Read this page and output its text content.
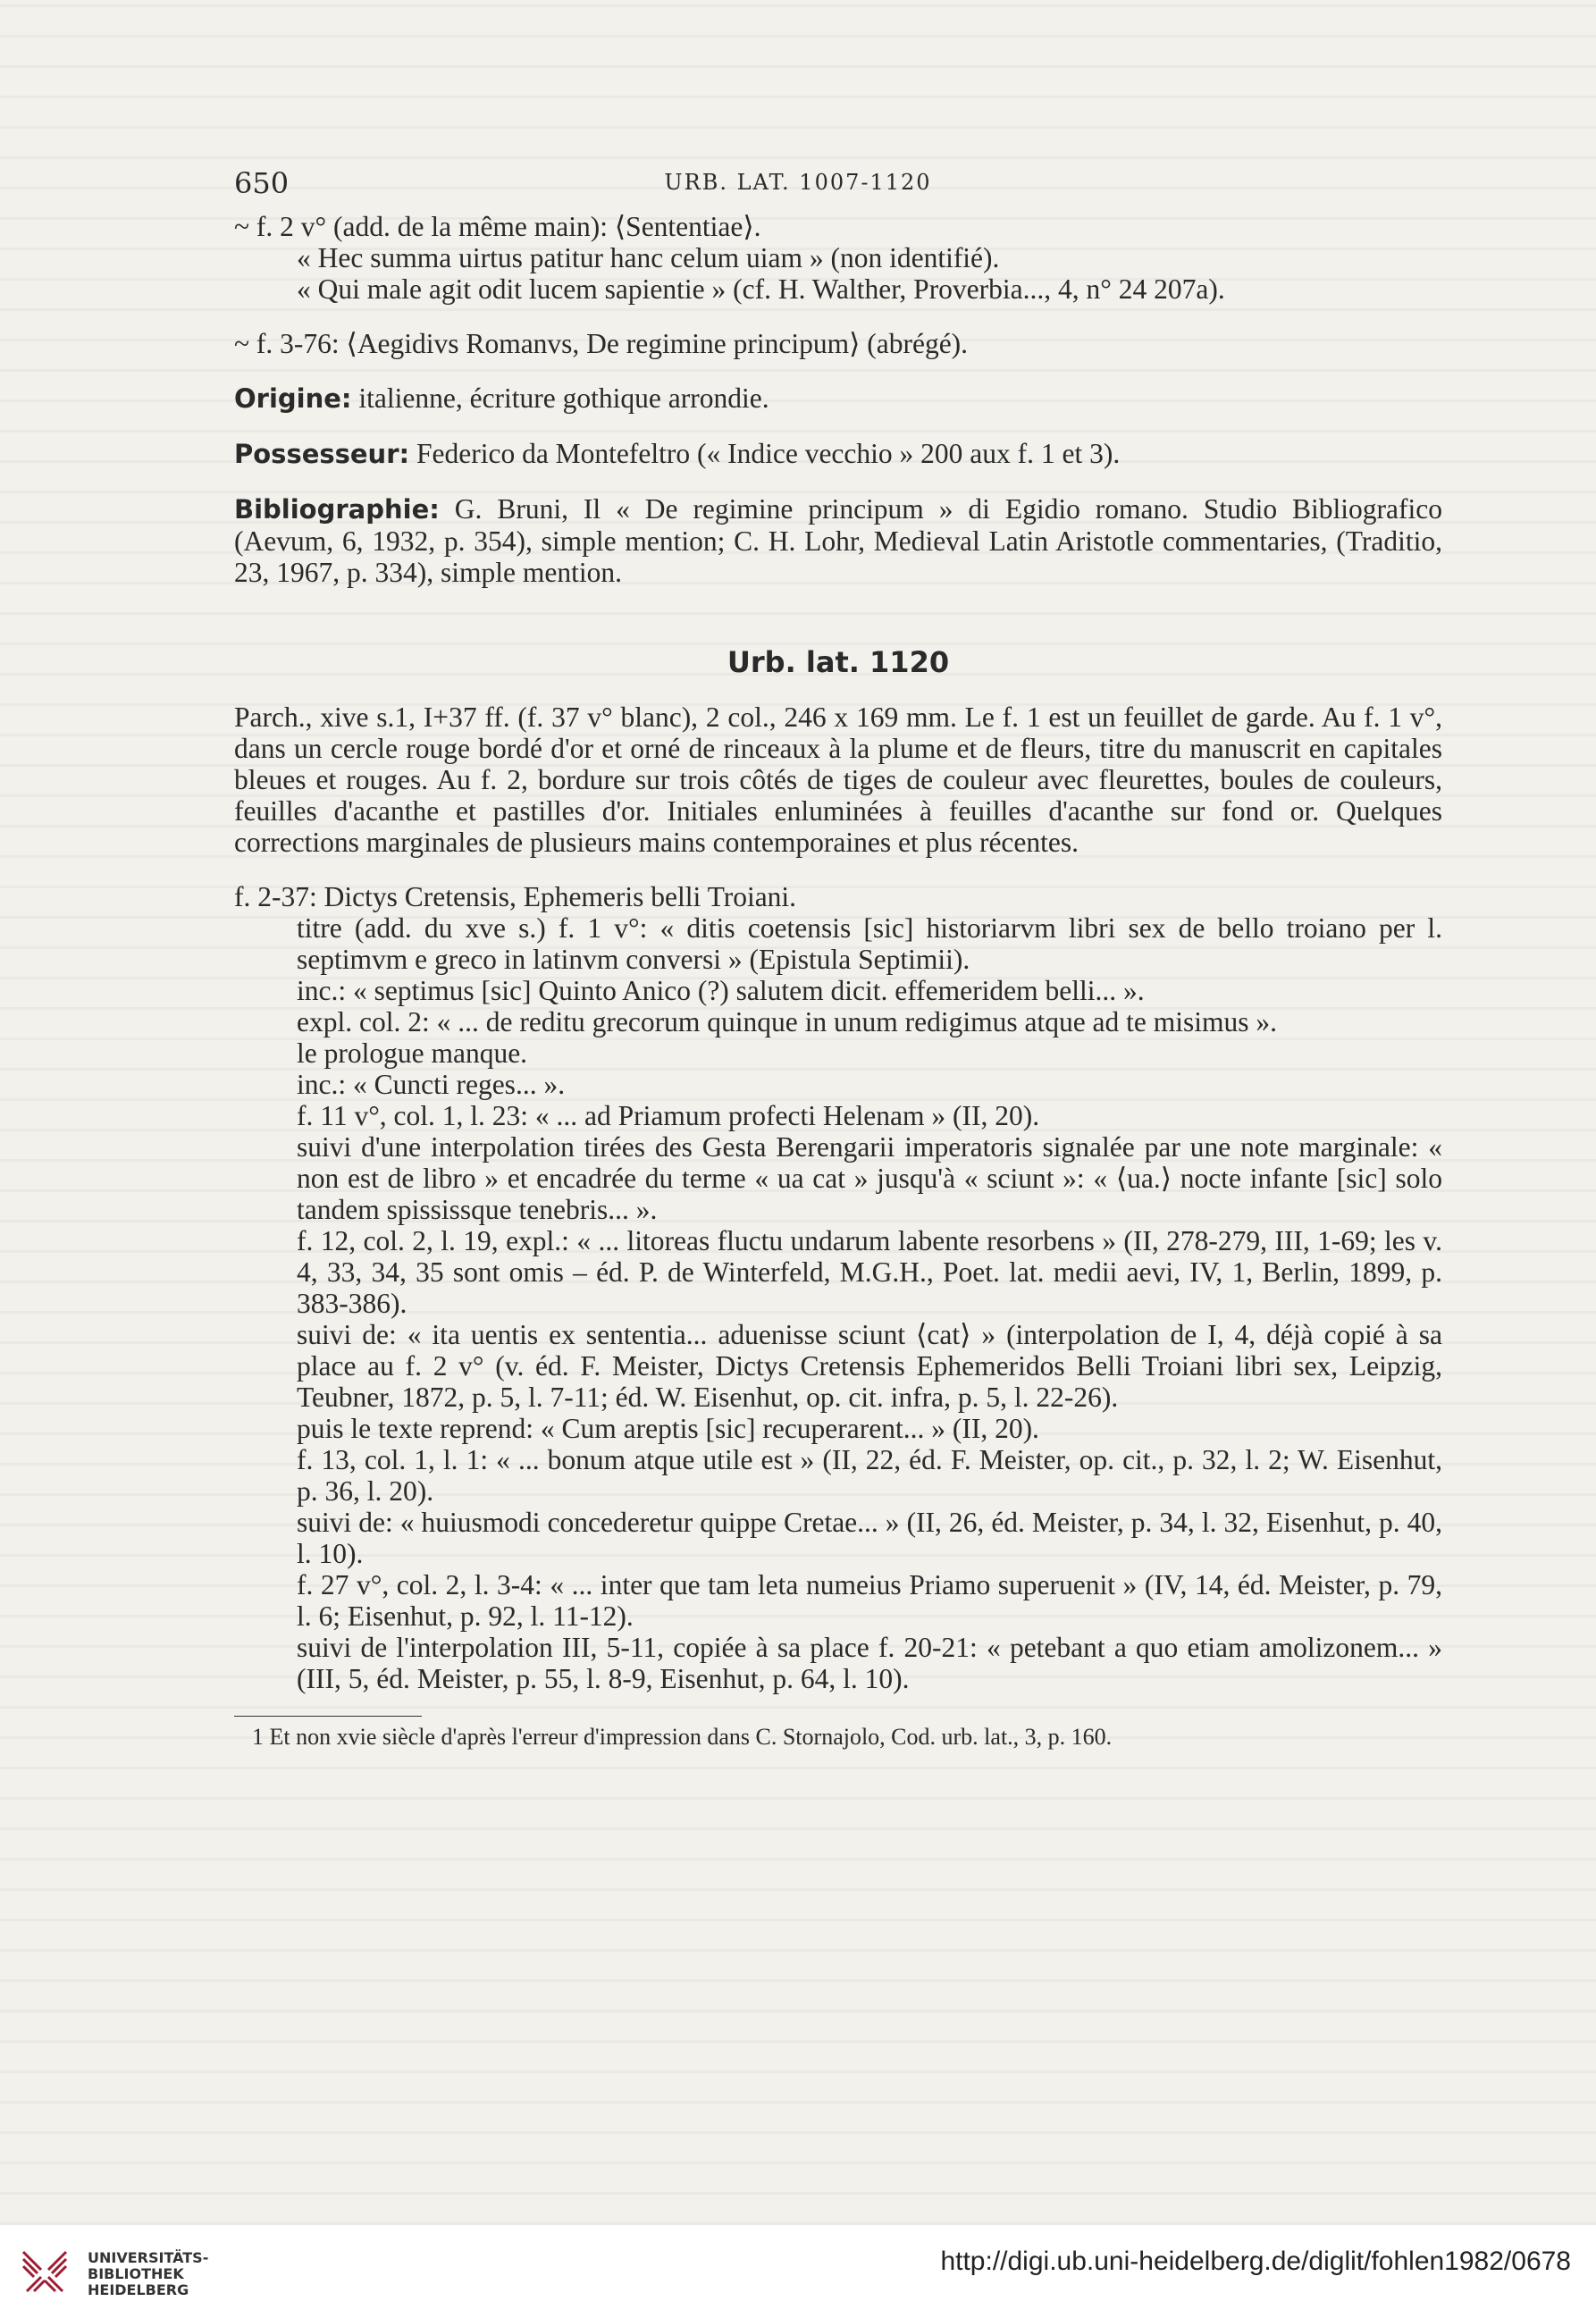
650	URB. LAT. 1007-1120

~ f. 2 v° (add. de la même main): ⟨Sententiae⟩.

« Hec summa uirtus patitur hanc celum uiam » (non identifié).

« Qui male agit odit lucem sapientie » (cf. H. Walther, Proverbia..., 4, n° 24 207a).

~ f. 3-76: ⟨Aegidivs Romanvs, De regimine principum⟩ (abrégé).

Origine: italienne, écriture gothique arrondie.

Possesseur: Federico da Montefeltro (« Indice vecchio » 200 aux f. 1 et 3).

Bibliographie: G. Bruni, Il « De regimine principum » di Egidio romano. Studio Bibliografico (Aevum, 6, 1932, p. 354), simple mention; C. H. Lohr, Medieval Latin Aristotle commentaries, (Traditio, 23, 1967, p. 334), simple mention.

Urb. lat. 1120

Parch., xive s.1, I+37 ff. (f. 37 v° blanc), 2 col., 246 x 169 mm. Le f. 1 est un feuillet de garde. Au f. 1 v°, dans un cercle rouge bordé d'or et orné de rinceaux à la plume et de fleurs, titre du manuscrit en capitales bleues et rouges. Au f. 2, bordure sur trois côtés de tiges de couleur avec fleurettes, boules de couleurs, feuilles d'acanthe et pastilles d'or. Initiales enluminées à feuilles d'acanthe sur fond or. Quelques corrections marginales de plusieurs mains contemporaines et plus récentes.

f. 2-37: Dictys Cretensis, Ephemeris belli Troiani.

titre (add. du xve s.) f. 1 v°: « ditis coetensis [sic] historiarvm libri sex de bello troiano per l. septimvm e greco in latinvm conversi » (Epistula Septimii).

inc.: « septimus [sic] Quinto Anico (?) salutem dicit. effemeridem belli... ».

expl. col. 2: « ... de reditu grecorum quinque in unum redigimus atque ad te misimus ».

le prologue manque.

inc.: « Cuncti reges... ».

f. 11 v°, col. 1, l. 23: « ... ad Priamum profecti Helenam » (II, 20).

suivi d'une interpolation tirées des Gesta Berengarii imperatoris signalée par une note marginale: « non est de libro » et encadrée du terme « ua cat » jusqu'à « sciunt »: « ⟨ua.⟩ nocte infante [sic] solo tandem spississque tenebris... ».

f. 12, col. 2, l. 19, expl.: « ... litoreas fluctu undarum labente resorbens » (II, 278-279, III, 1-69; les v. 4, 33, 34, 35 sont omis – éd. P. de Winterfeld, M.G.H., Poet. lat. medii aevi, IV, 1, Berlin, 1899, p. 383-386).

suivi de: « ita uentis ex sententia... aduenisse sciunt ⟨cat⟩ » (interpolation de I, 4, déjà copié à sa place au f. 2 v° (v. éd. F. Meister, Dictys Cretensis Ephemeridos Belli Troiani libri sex, Leipzig, Teubner, 1872, p. 5, l. 7-11; éd. W. Eisenhut, op. cit. infra, p. 5, l. 22-26).

puis le texte reprend: « Cum areptis [sic] recuperarent... » (II, 20).

f. 13, col. 1, l. 1: « ... bonum atque utile est » (II, 22, éd. F. Meister, op. cit., p. 32, l. 2; W. Eisenhut, p. 36, l. 20).

suivi de: « huiusmodi concederetur quippe Cretae... » (II, 26, éd. Meister, p. 34, l. 32, Eisenhut, p. 40, l. 10).

f. 27 v°, col. 2, l. 3-4: « ... inter que tam leta numeius Priamo superuenit » (IV, 14, éd. Meister, p. 79, l. 6; Eisenhut, p. 92, l. 11-12).

suivi de l'interpolation III, 5-11, copiée à sa place f. 20-21: « petebant a quo etiam amolizonem... » (III, 5, éd. Meister, p. 55, l. 8-9, Eisenhut, p. 64, l. 10).

1 Et non xvie siècle d'après l'erreur d'impression dans C. Stornajolo, Cod. urb. lat., 3, p. 160.

UNIVERSITÄTS-
BIBLIOTHEK
HEIDELBERG
http://digi.ub.uni-heidelberg.de/diglit/fohlen1982/0678
